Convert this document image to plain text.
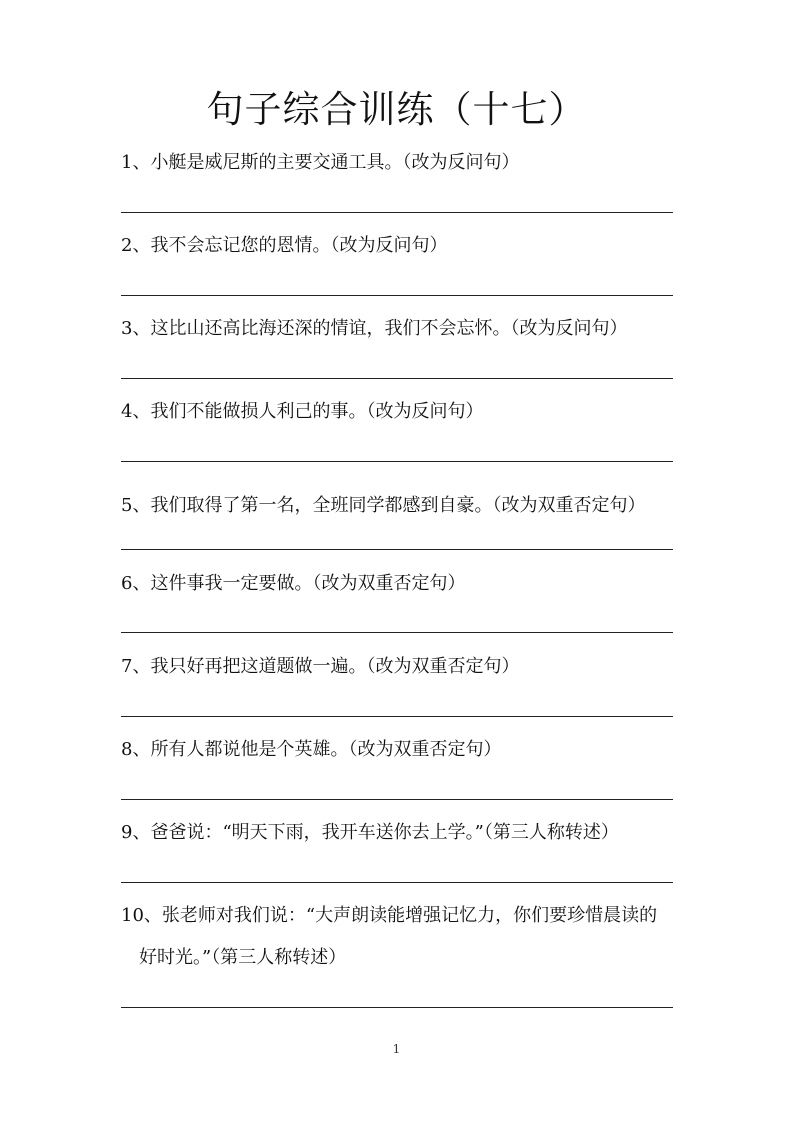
句子综合训练（十七）
1、小艇是威尼斯的主要交通工具。（改为反问句）
2、我不会忘记您的恩情。（改为反问句）
3、这比山还高比海还深的情谊，我们不会忘怀。（改为反问句）
4、我们不能做损人利己的事。（改为反问句）
5、我们取得了第一名，全班同学都感到自豪。（改为双重否定句）
6、这件事我一定要做。（改为双重否定句）
7、我只好再把这道题做一遍。（改为双重否定句）
8、所有人都说他是个英雄。（改为双重否定句）
9、爸爸说：“明天下雨，我开车送你去上学。”（第三人称转述）
10、张老师对我们说：“大声朗读能增强记忆力，你们要珍惜晨读的
好时光。”（第三人称转述）
1
